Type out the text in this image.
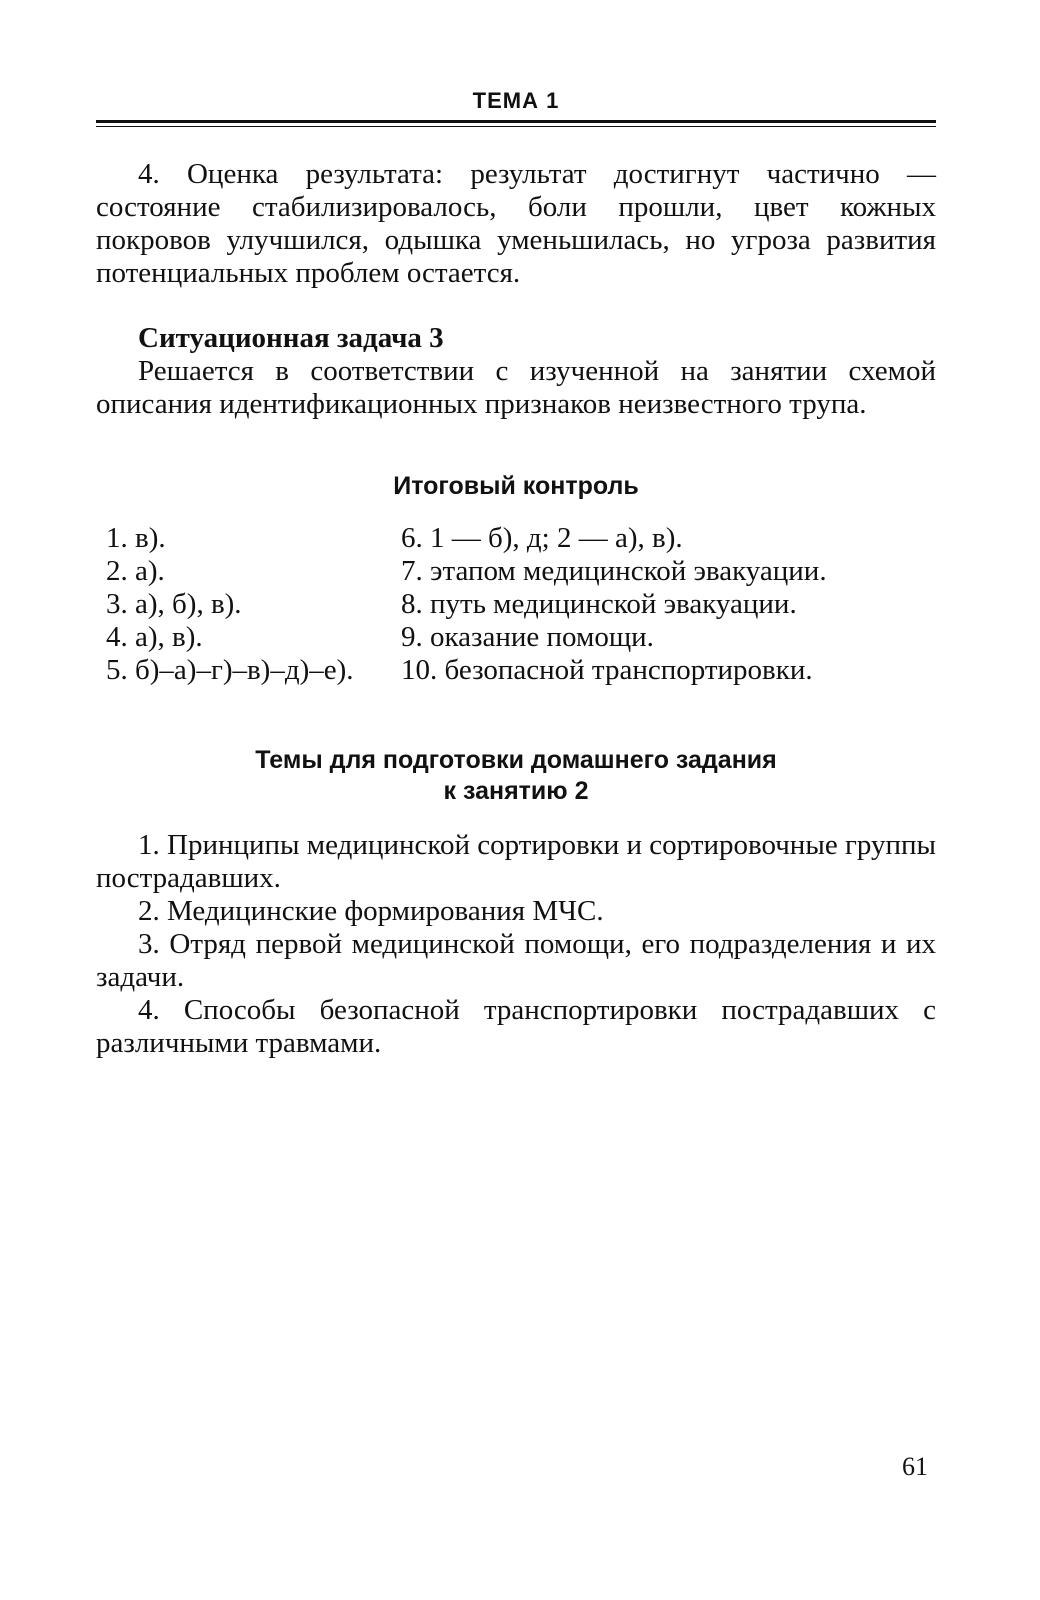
ТЕМА 1

4. Оценка результата: результат достигнут частично — состояние стабилизировалось, боли прошли, цвет кожных покровов улучшился, одышка уменьшилась, но угроза развития потенциальных проблем остается.

Ситуационная задача 3

Решается в соответствии с изученной на занятии схемой описания идентификационных признаков неизвестного трупа.

Итоговый контроль
1. в).
2. а).
3. а), б), в).
4. а), в).
5. б)–а)–г)–в)–д)–е).
6. 1 — б), д; 2 — а), в).
7. этапом медицинской эвакуации.
8. путь медицинской эвакуации.
9. оказание помощи.
10. безопасной транспортировки.
Темы для подготовки домашнего задания
к занятию 2

1. Принципы медицинской сортировки и сортировочные группы пострадавших.

2. Медицинские формирования МЧС.

3. Отряд первой медицинской помощи, его подразделения и их задачи.

4. Способы безопасной транспортировки пострадавших с различными травмами.

61
